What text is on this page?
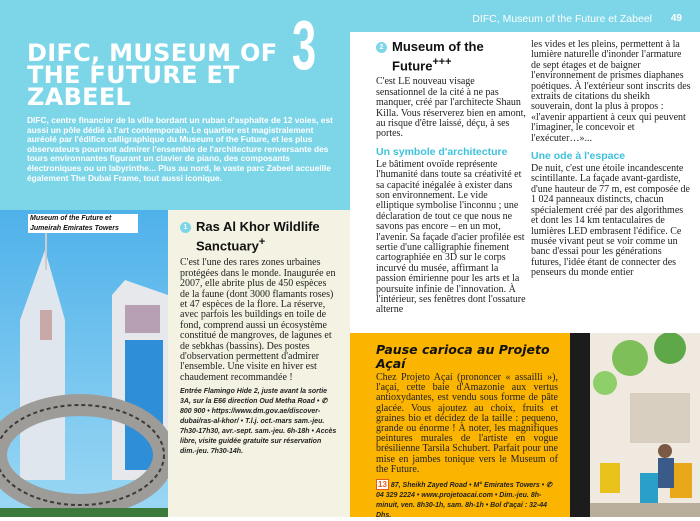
3
DIFC, MUSEUM OF THE FUTURE ET ZABEEL

DIFC, centre financier de la ville bordant un ruban d'asphalte de 12 voies, est aussi un pôle dédié à l'art contemporain. Le quartier est magistralement auréolé par l'édifice calligraphique du Museum of the Future, et les plus observateurs pourront admirer l'ensemble de l'architecture renversante des tours environnantes figurant un clavier de piano, des composants électroniques ou un labyrinthe... Plus au nord, le vaste parc Zabeel accueille également The Dubai Frame, tout aussi iconique.

DIFC, Museum of the Future et Zabeel 49
Museum of the Future et Jumeirah Emirates Towers	1 Ras Al Khor Wildlife Sanctuary+

C'est l'une des rares zones urbaines protégées dans le monde. Inaugurée en 2007, elle abrite plus de 450 espèces de la faune (dont 3000 flamants roses) et 47 espèces de la flore. La réserve, avec parfois les buildings en toile de fond, comprend aussi un écosystème constitué de mangroves, de lagunes et de sebkhas (bassins). Des postes d'observation permettent d'admirer l'ensemble. Une visite en hiver est chaudement recommandée !

Entrée Flamingo Hide 2, juste avant la sortie 3A, sur la E66 direction Oud Metha Road • ✆ 800 900 • https://www.dm.gov.ae/discover-dubai/ras-al-khor/ • T.l.j. oct.-mars sam.-jeu. 7h30-17h30, avr.-sept. sam.-jeu. 6h-18h • Accès libre, visite guidée gratuite sur réservation dim.-jeu. 7h30-14h.

2 Museum of the Future+++

C'est LE nouveau visage sensationnel de la cité à ne pas manquer, créé par l'architecte Shaun Killa. Vous réserverez bien en amont, au risque d'être laissé, déçu, à ses portes.

Un symbole d'architecture

Le bâtiment ovoïde représente l'humanité dans toute sa créativité et sa capacité inégalée à exister dans son environnement. Le vide elliptique symbolise l'inconnu ; une déclaration de tout ce que nous ne savons pas encore – en un mot, l'avenir. Sa façade d'acier profilée est sertie d'une calligraphie finement cartographiée en 3D sur le corps incurvé du musée, affirmant la passion émirienne pour les arts et la poursuite infinie de l'innovation. À l'intérieur, ses fenêtres dont l'ossature alterne

les vides et les pleins, permettent à la lumière naturelle d'inonder l'armature de sept étages et de baigner l'environnement de prismes diaphanes poétiques. À l'extérieur sont inscrits des extraits de citations du sheikh souverain, dont la plus à propos : «l'avenir appartient à ceux qui peuvent l'imaginer, le concevoir et l'exécuter…»...

Une ode à l'espace

De nuit, c'est une étoile incandescente scintillante. La façade avant-gardiste, d'une hauteur de 77 m, est composée de 1 024 panneaux distincts, chacun spécialement créé par des algorithmes et dont les 14 km tentaculaires de lumières LED embrasent l'édifice. Ce musée vivant peut se voir comme un banc d'essai pour les générations futures, l'idée étant de connecter des penseurs du monde entier

Pause carioca au Projeto Açaí

Chez Projeto Açaí (prononcer « assailli »), l'açaí, cette baie d'Amazonie aux vertus antioxydantes, est vendu sous forme de pâte glacée. Vous ajoutez au choix, fruits et graines bio et décidez de la taille : pequeno, grande ou énorme ! À noter, les magnifiques peintures murales de l'artiste en vogue brésilienne Tarsila Schubert. Parfait pour une mise en jambes tonique vers le Museum of the Future.

13 87, Sheikh Zayed Road • M° Emirates Towers • ✆ 04 329 2224 • www.projetoacai.com • Dim.-jeu. 8h-minuit, ven. 8h30-1h, sam. 8h-1h • Bol d'açaí : 32-44 Dhs.
